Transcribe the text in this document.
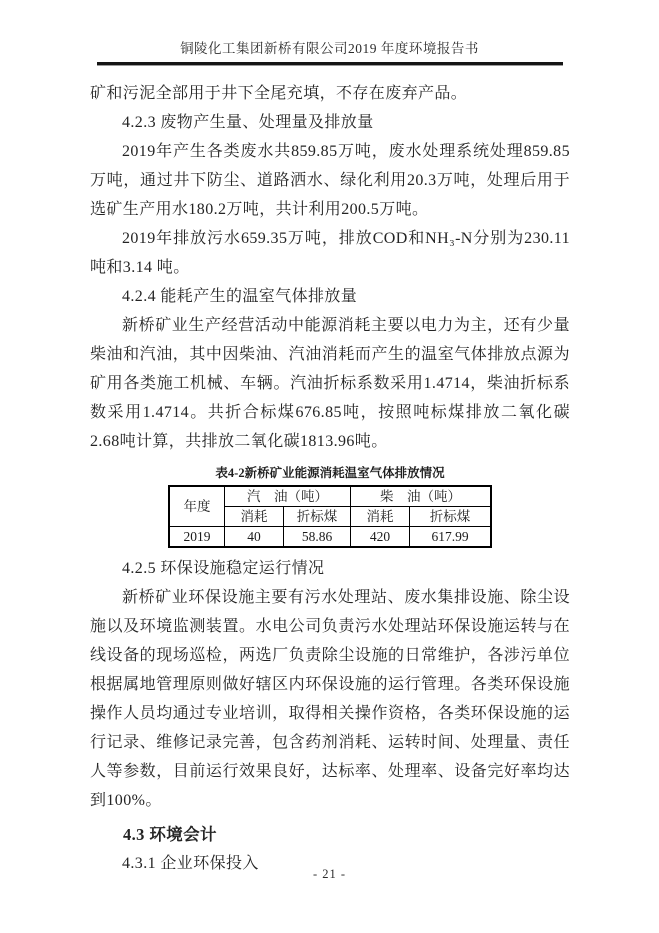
铜陵化工集团新桥有限公司2019 年度环境报告书

矿和污泥全部用于井下全尾充填，不存在废弃产品。

4.2.3 废物产生量、处理量及排放量

2019年产生各类废水共859.85万吨，废水处理系统处理859.85万吨，通过井下防尘、道路洒水、绿化利用20.3万吨，处理后用于选矿生产用水180.2万吨，共计利用200.5万吨。

2019年排放污水659.35万吨，排放COD和NH₃-N分别为230.11 吨和3.14 吨。

4.2.4 能耗产生的温室气体排放量

新桥矿业生产经营活动中能源消耗主要以电力为主，还有少量柴油和汽油，其中因柴油、汽油消耗而产生的温室气体排放点源为矿用各类施工机械、车辆。汽油折标系数采用1.4714，柴油折标系数采用1.4714。共折合标煤676.85吨，按照吨标煤排放二氧化碳2.68吨计算，共排放二氧化碳1813.96吨。

表4-2新桥矿业能源消耗温室气体排放情况
年度	汽　油（吨）		柴　油（吨）	
	消耗	折标煤	消耗	折标煤
2019	40	58.86	420	617.99

4.2.5 环保设施稳定运行情况

新桥矿业环保设施主要有污水处理站、废水集排设施、除尘设施以及环境监测装置。水电公司负责污水处理站环保设施运转与在线设备的现场巡检，两选厂负责除尘设施的日常维护，各涉污单位根据属地管理原则做好辖区内环保设施的运行管理。各类环保设施操作人员均通过专业培训，取得相关操作资格，各类环保设施的运行记录、维修记录完善，包含药剂消耗、运转时间、处理量、责任人等参数，目前运行效果良好，达标率、处理率、设备完好率均达到100%。

4.3 环境会计

4.3.1 企业环保投入

- 21 -
